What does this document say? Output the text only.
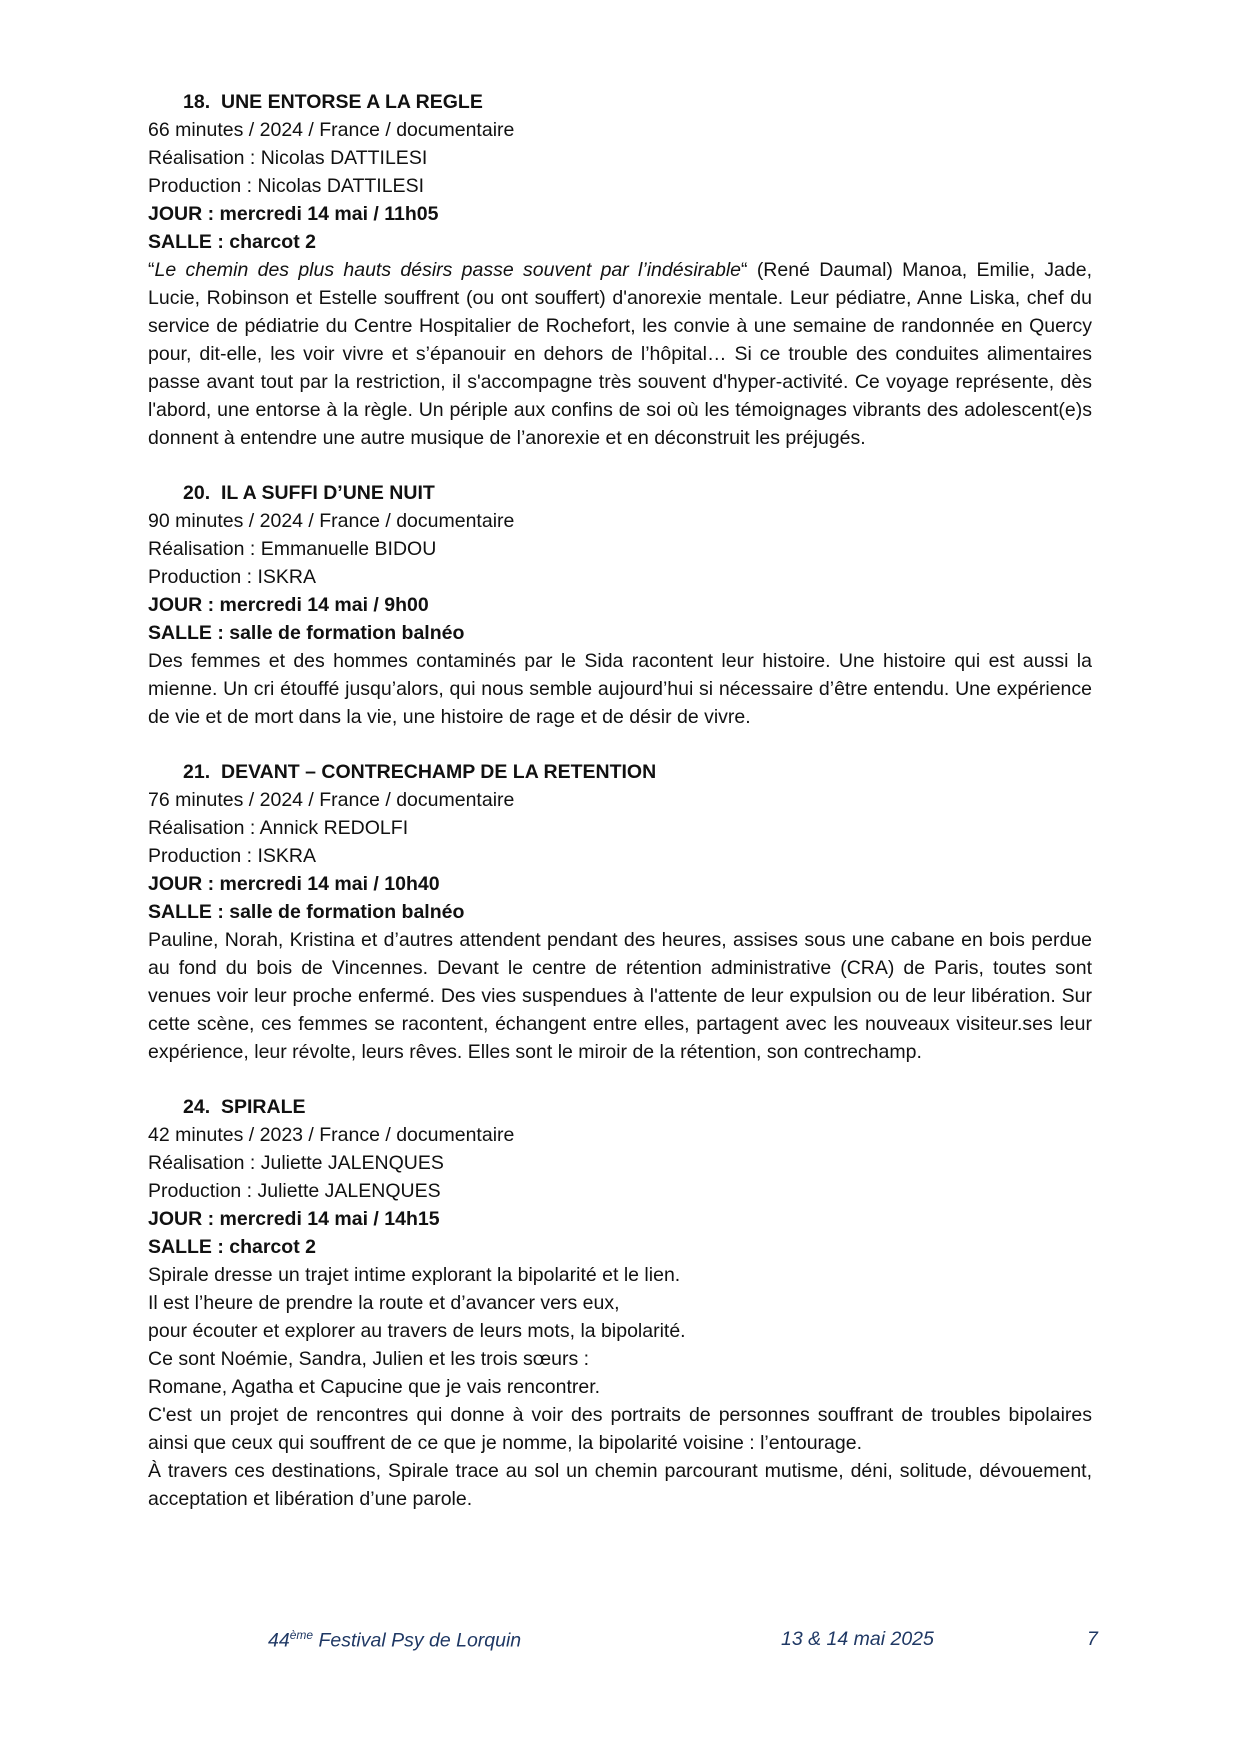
18. UNE ENTORSE A LA REGLE
66 minutes / 2024 / France / documentaire
Réalisation : Nicolas DATTILESI
Production : Nicolas DATTILESI
JOUR : mercredi 14 mai / 11h05
SALLE : charcot 2

“Le chemin des plus hauts désirs passe souvent par l’indésirable“ (René Daumal) Manoa, Emilie, Jade, Lucie, Robinson et Estelle souffrent (ou ont souffert) d'anorexie mentale. Leur pédiatre, Anne Liska, chef du service de pédiatrie du Centre Hospitalier de Rochefort, les convie à une semaine de randonnée en Quercy pour, dit-elle, les voir vivre et s’épanouir en dehors de l’hôpital… Si ce trouble des conduites alimentaires passe avant tout par la restriction, il s'accompagne très souvent d'hyper-activité. Ce voyage représente, dès l'abord, une entorse à la règle. Un périple aux confins de soi où les témoignages vibrants des adolescent(e)s donnent à entendre une autre musique de l’anorexie et en déconstruit les préjugés.

20. IL A SUFFI D’UNE NUIT
90 minutes / 2024 / France / documentaire
Réalisation : Emmanuelle BIDOU
Production : ISKRA
JOUR : mercredi 14 mai / 9h00
SALLE : salle de formation balnéo

Des femmes et des hommes contaminés par le Sida racontent leur histoire. Une histoire qui est aussi la mienne. Un cri étouffé jusqu’alors, qui nous semble aujourd’hui si nécessaire d’être entendu. Une expérience de vie et de mort dans la vie, une histoire de rage et de désir de vivre.

21. DEVANT – CONTRECHAMP DE LA RETENTION
76 minutes / 2024 / France / documentaire
Réalisation : Annick REDOLFI
Production : ISKRA
JOUR : mercredi 14 mai / 10h40
SALLE : salle de formation balnéo

Pauline, Norah, Kristina et d’autres attendent pendant des heures, assises sous une cabane en bois perdue au fond du bois de Vincennes. Devant le centre de rétention administrative (CRA) de Paris, toutes sont venues voir leur proche enfermé. Des vies suspendues à l'attente de leur expulsion ou de leur libération. Sur cette scène, ces femmes se racontent, échangent entre elles, partagent avec les nouveaux visiteur.ses leur expérience, leur révolte, leurs rêves. Elles sont le miroir de la rétention, son contrechamp.

24. SPIRALE
42 minutes / 2023 / France / documentaire
Réalisation : Juliette JALENQUES
Production : Juliette JALENQUES
JOUR : mercredi 14 mai / 14h15
SALLE : charcot 2

Spirale dresse un trajet intime explorant la bipolarité et le lien.

Il est l’heure de prendre la route et d’avancer vers eux,

pour écouter et explorer au travers de leurs mots, la bipolarité.

Ce sont Noémie, Sandra, Julien et les trois sœurs :

Romane, Agatha et Capucine que je vais rencontrer.

C'est un projet de rencontres qui donne à voir des portraits de personnes souffrant de troubles bipolaires ainsi que ceux qui souffrent de ce que je nomme, la bipolarité voisine : l’entourage.

À travers ces destinations, Spirale trace au sol un chemin parcourant mutisme, déni, solitude, dévouement, acceptation et libération d’une parole.

44ème Festival Psy de Lorquin	13 & 14 mai 2025	7
